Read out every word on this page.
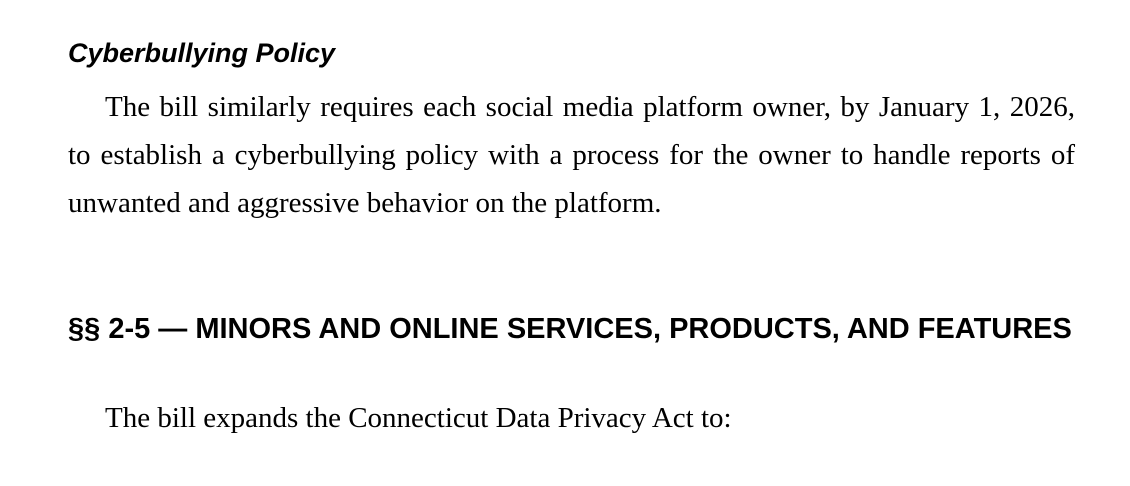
Cyberbullying Policy

The bill similarly requires each social media platform owner, by January 1, 2026, to establish a cyberbullying policy with a process for the owner to handle reports of unwanted and aggressive behavior on the platform.

§§ 2-5 — MINORS AND ONLINE SERVICES, PRODUCTS, AND FEATURES

The bill expands the Connecticut Data Privacy Act to:
